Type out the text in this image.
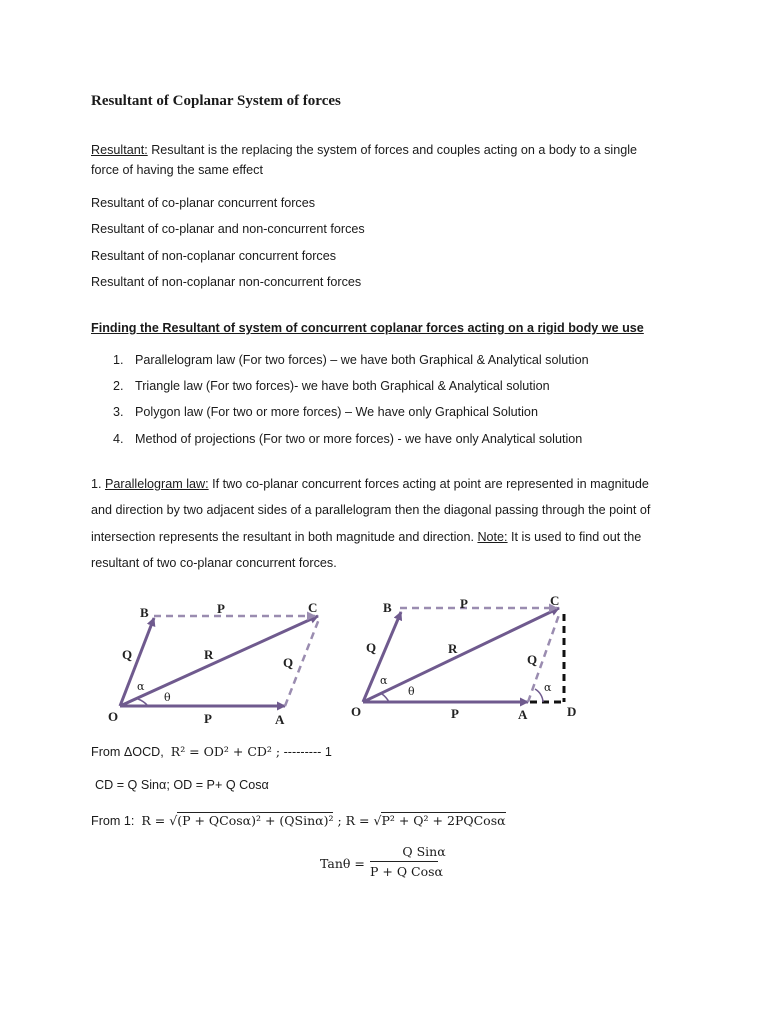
Resultant of Coplanar System of forces
Resultant: Resultant is the replacing the system of forces and couples acting on a body to a single
force of having the same effect
Resultant of co-planar concurrent forces
Resultant of co-planar and non-concurrent forces
Resultant of non-coplanar concurrent forces
Resultant of non-coplanar non-concurrent forces
Finding the Resultant of system of concurrent coplanar forces acting on a rigid body we use
1. Parallelogram law (For two forces) – we have both Graphical & Analytical solution
2. Triangle law (For two forces)- we have both Graphical & Analytical solution
3. Polygon law (For two or more forces) – We have only Graphical Solution
4. Method of projections (For two or more forces) - we have only Analytical solution
1. Parallelogram law: If two co-planar concurrent forces acting at point are represented in magnitude and direction by two adjacent sides of a parallelogram then the diagonal passing through the point of intersection represents the resultant in both magnitude and direction. Note: It is used to find out the resultant of two co-planar concurrent forces.
O	A
B	C
P
P
Q
Q
R
α
θ
O	A
B	C
D
P
P
Q
Q
R
α
α
θ
From ΔOCD, R² = OD² + CD² ; --------- 1
CD = Q Sinα; OD = P+ Q Cosα
From 1: R = √(P + QCosα)² + (QSinα)² ; R = √P² + Q² + 2PQCosα
Tanθ =
Q Sinα
P + Q Cosα
